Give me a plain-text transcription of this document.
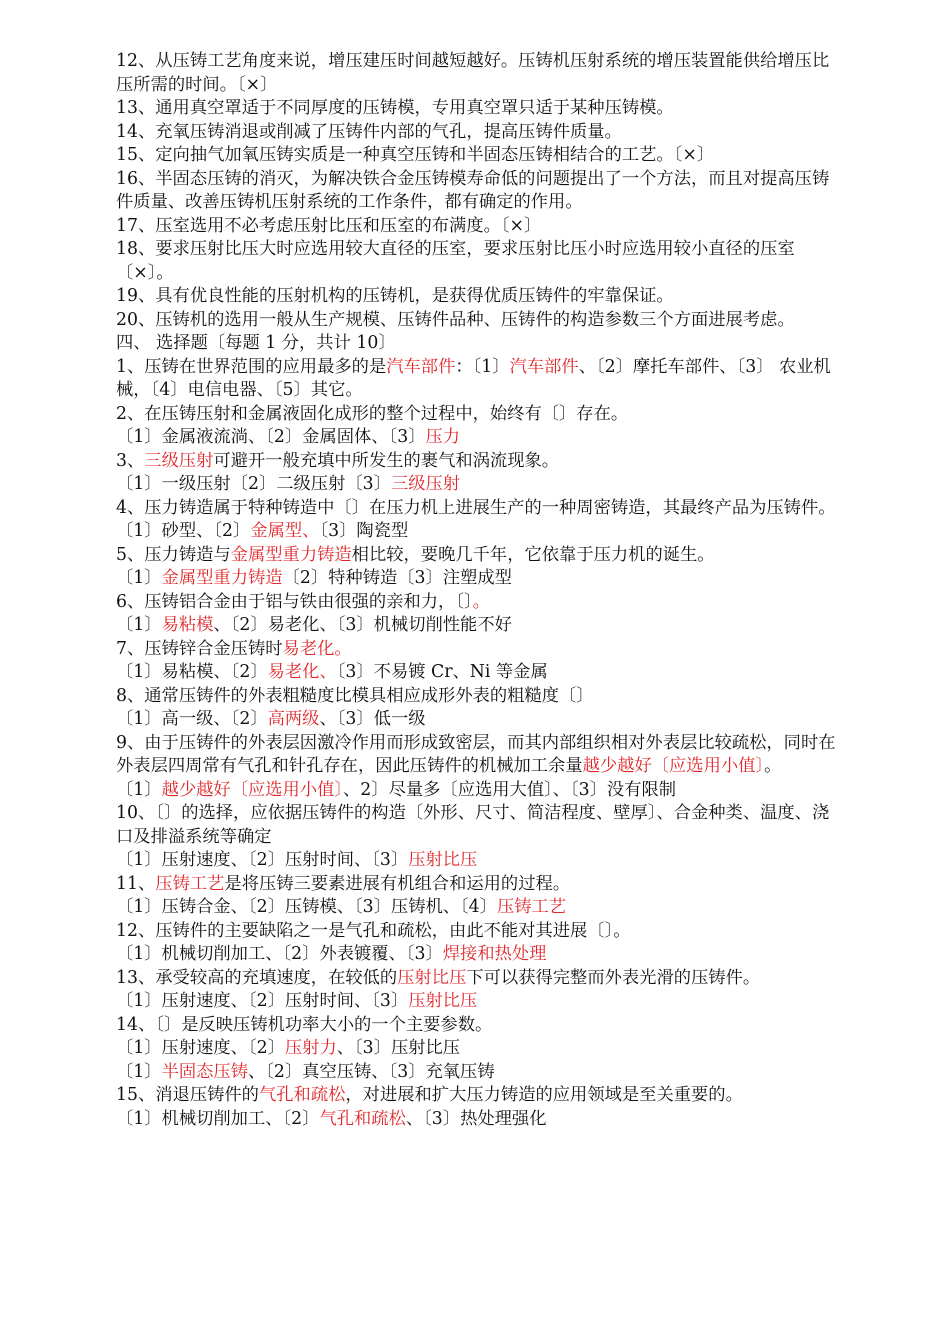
12、从压铸工艺角度来说，增压建压时间越短越好。压铸机压射系统的增压装置能供给增压比压所需的时间。〔×〕

13、通用真空罩适于不同厚度的压铸模，专用真空罩只适于某种压铸模。

14、充氧压铸消退或削减了压铸件内部的气孔，提高压铸件质量。

15、定向抽气加氧压铸实质是一种真空压铸和半固态压铸相结合的工艺。〔×〕

16、半固态压铸的消灭，为解决铁合金压铸模寿命低的问题提出了一个方法，而且对提高压铸件质量、改善压铸机压射系统的工作条件，都有确定的作用。

17、压室选用不必考虑压射比压和压室的布满度。〔×〕

18、要求压射比压大时应选用较大直径的压室，要求压射比压小时应选用较小直径的压室〔×〕。

19、具有优良性能的压射机构的压铸机，是获得优质压铸件的牢靠保证。

20、压铸机的选用一般从生产规模、压铸件品种、压铸件的构造参数三个方面进展考虑。

四、 选择题〔每题 1 分，共计 10〕

1、压铸在世界范围的应用最多的是汽车部件：〔1〕汽车部件、〔2〕摩托车部件、〔3〕 农业机械，〔4〕电信电器、〔5〕其它。

2、在压铸压射和金属液固化成形的整个过程中，始终有〔〕存在。

〔1〕金属液流淌、〔2〕金属固体、〔3〕压力

3、三级压射可避开一般充填中所发生的裹气和涡流现象。

〔1〕一级压射〔2〕二级压射〔3〕三级压射

4、压力铸造属于特种铸造中〔〕在压力机上进展生产的一种周密铸造，其最终产品为压铸件。

〔1〕砂型、〔2〕金属型、〔3〕陶瓷型

5、压力铸造与金属型重力铸造相比较，要晚几千年，它依靠于压力机的诞生。

〔1〕金属型重力铸造〔2〕特种铸造〔3〕注塑成型

6、压铸铝合金由于铝与铁由很强的亲和力，〔〕。

〔1〕易粘模、〔2〕易老化、〔3〕机械切削性能不好

7、压铸锌合金压铸时易老化。

〔1〕易粘模、〔2〕易老化、〔3〕不易镀 Cr、Ni 等金属

8、通常压铸件的外表粗糙度比模具相应成形外表的粗糙度〔〕

〔1〕高一级、〔2〕高两级、〔3〕低一级

9、由于压铸件的外表层因激冷作用而形成致密层，而其内部组织相对外表层比较疏松，同时在外表层四周常有气孔和针孔存在，因此压铸件的机械加工余量越少越好〔应选用小值〕。

〔1〕越少越好〔应选用小值〕、2〕尽量多〔应选用大值〕、〔3〕没有限制

10、〔〕的选择，应依据压铸件的构造〔外形、尺寸、简洁程度、壁厚〕、合金种类、温度、浇口及排溢系统等确定

〔1〕压射速度、〔2〕压射时间、〔3〕压射比压

11、压铸工艺是将压铸三要素进展有机组合和运用的过程。

〔1〕压铸合金、〔2〕压铸模、〔3〕压铸机、〔4〕压铸工艺

12、压铸件的主要缺陷之一是气孔和疏松，由此不能对其进展〔〕。

〔1〕机械切削加工、〔2〕外表镀覆、〔3〕焊接和热处理

13、承受较高的充填速度，在较低的压射比压下可以获得完整而外表光滑的压铸件。

〔1〕压射速度、〔2〕压射时间、〔3〕压射比压

14、〔〕是反映压铸机功率大小的一个主要参数。

〔1〕压射速度、〔2〕压射力、〔3〕压射比压

〔1〕半固态压铸、〔2〕真空压铸、〔3〕充氧压铸

15、消退压铸件的气孔和疏松，对进展和扩大压力铸造的应用领域是至关重要的。

〔1〕机械切削加工、〔2〕气孔和疏松、〔3〕热处理强化
